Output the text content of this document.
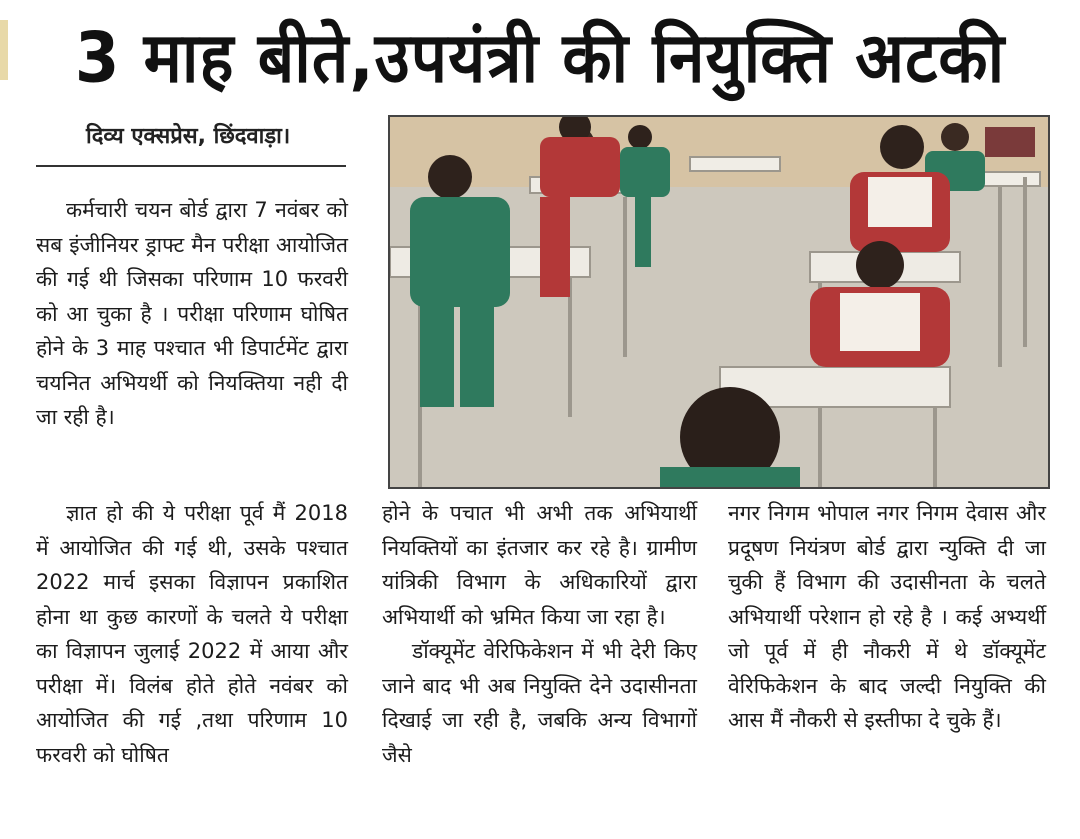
3 माह बीते,उपयंत्री की नियुक्ति अटकी
दिव्य एक्सप्रेस, छिंदवाड़ा।

कर्मचारी चयन बोर्ड द्वारा 7 नवंबर को सब इंजीनियर ड्राफ्ट मैन परीक्षा आयोजित की गई थी जिसका परिणाम 10 फरवरी को आ चुका है । परीक्षा परिणाम घोषित होने के 3 माह पश्चात भी डिपार्टमेंट द्वारा चयनित अभियर्थी को नियक्तिया नही दी जा रही है।

ज्ञात हो की ये परीक्षा पूर्व मैं 2018 में आयोजित की गई थी, उसके पश्चात 2022 मार्च इसका विज्ञापन प्रकाशित होना था कुछ कारणों के चलते ये परीक्षा का विज्ञापन जुलाई 2022 में आया और परीक्षा में। विलंब होते होते नवंबर को आयोजित की गई ,तथा परिणाम 10 फरवरी को घोषित

होने के पचात भी अभी तक अभियार्थी नियक्तियों का इंतजार कर रहे है। ग्रामीण यांत्रिकी विभाग के अधिकारियों द्वारा अभियार्थी को भ्रमित किया जा रहा है।

डॉक्यूमेंट वेरिफिकेशन में भी देरी किए जाने बाद भी अब नियुक्ति देने उदासीनता दिखाई जा रही है, जबकि अन्य विभागों जैसे

नगर निगम भोपाल नगर निगम देवास और प्रदूषण नियंत्रण बोर्ड द्वारा न्युक्ति दी जा चुकी हैं विभाग की उदासीनता के चलते अभियार्थी परेशान हो रहे है । कई अभ्यर्थी जो पूर्व में ही नौकरी में थे डॉक्यूमेंट वेरिफिकेशन के बाद जल्दी नियुक्ति की आस मैं नौकरी से इस्तीफा दे चुके हैं।
